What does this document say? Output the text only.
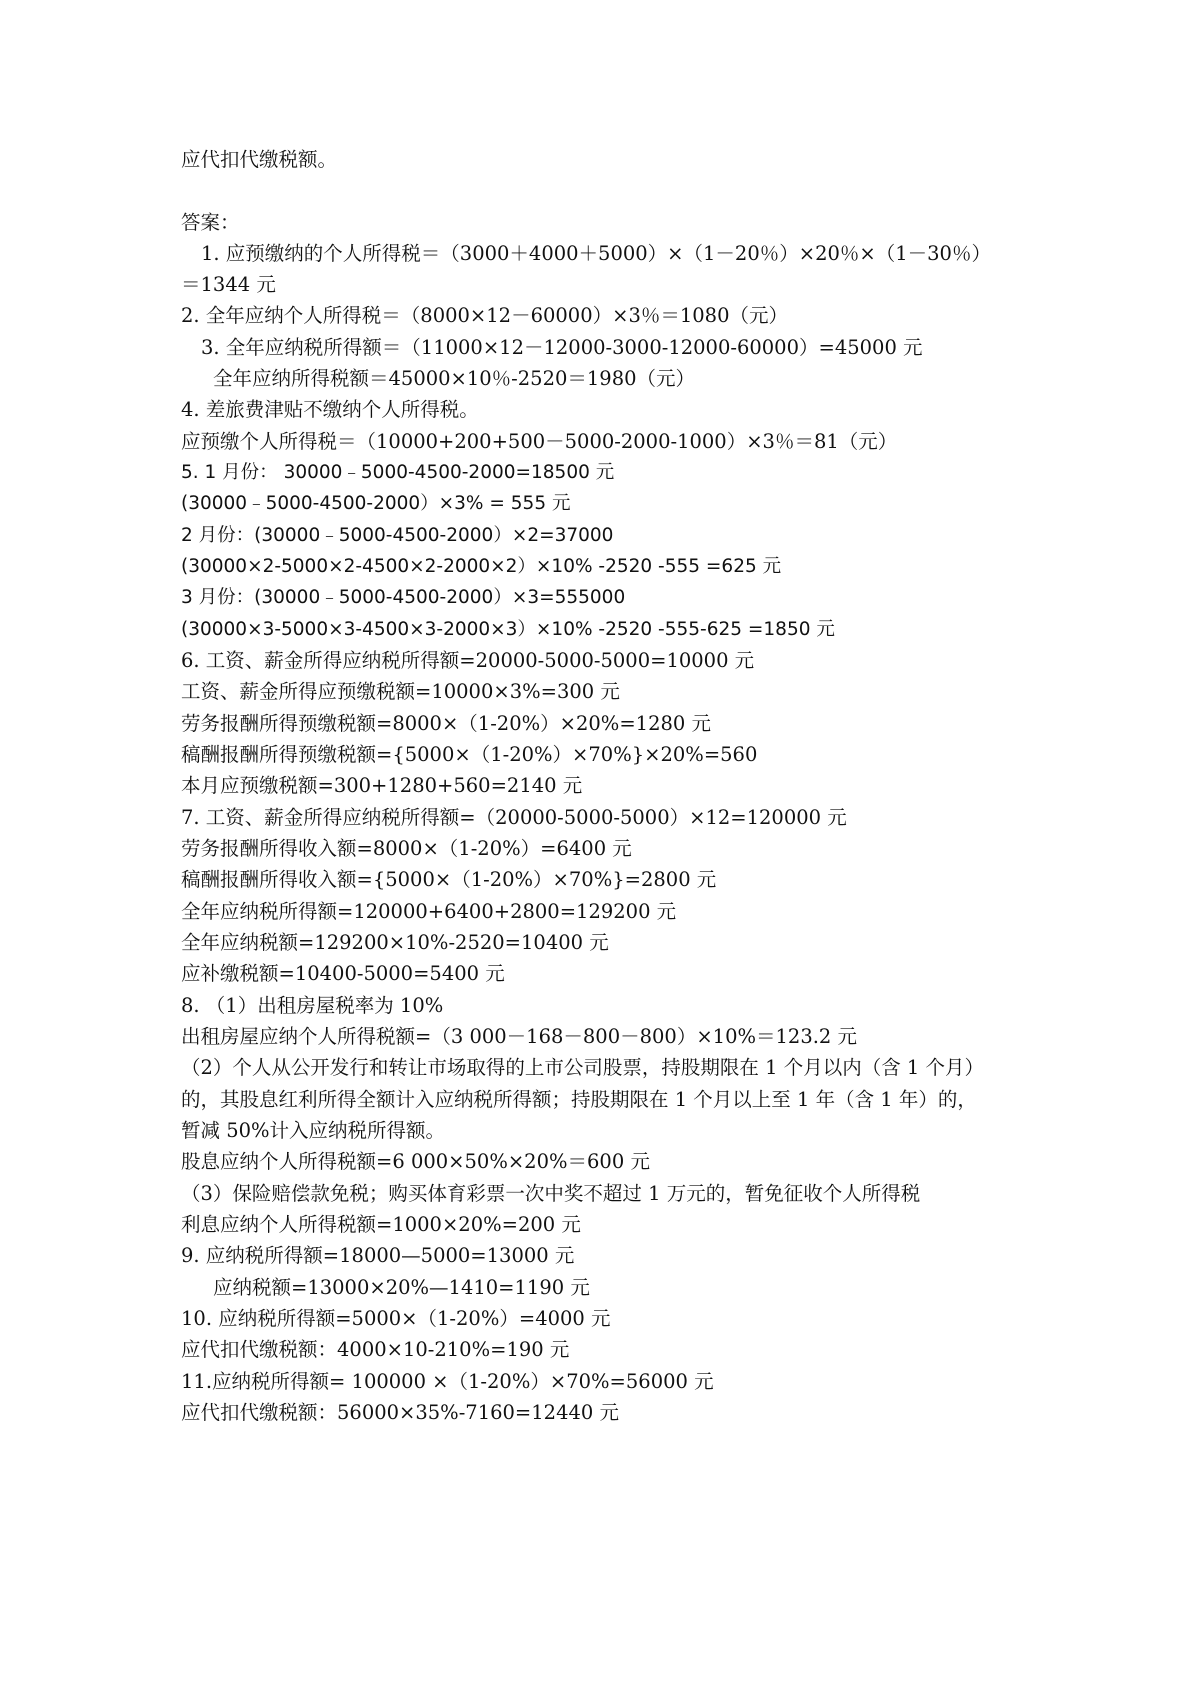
应代扣代缴税额。
答案：
1. 应预缴纳的个人所得税＝（3000＋4000＋5000）×（1－20％）×20％×（1－30％）
＝1344 元
2. 全年应纳个人所得税＝（8000×12－60000）×3％＝1080（元）
3. 全年应纳税所得额＝（11000×12－12000-3000-12000-60000）=45000 元
全年应纳所得税额＝45000×10％-2520＝1980（元）
4. 差旅费津贴不缴纳个人所得税。
应预缴个人所得税＝（10000+200+500－5000-2000-1000）×3％＝81（元）
5. 1 月份： 30000﹣5000-4500-2000=18500 元
(30000﹣5000-4500-2000）×3% = 555 元
2 月份：(30000﹣5000-4500-2000）×2=37000
(30000×2-5000×2-4500×2-2000×2）×10% -2520 -555 =625 元
3 月份：(30000﹣5000-4500-2000）×3=555000
(30000×3-5000×3-4500×3-2000×3）×10% -2520 -555-625 =1850 元
6. 工资、薪金所得应纳税所得额=20000-5000-5000=10000 元
工资、薪金所得应预缴税额=10000×3%=300 元
劳务报酬所得预缴税额=8000×（1-20%）×20%=1280 元
稿酬报酬所得预缴税额={5000×（1-20%）×70%}×20%=560
本月应预缴税额=300+1280+560=2140 元
7. 工资、薪金所得应纳税所得额=（20000-5000-5000）×12=120000 元
劳务报酬所得收入额=8000×（1-20%）=6400 元
稿酬报酬所得收入额={5000×（1-20%）×70%}=2800 元
全年应纳税所得额=120000+6400+2800=129200 元
全年应纳税额=129200×10%-2520=10400 元
应补缴税额=10400-5000=5400 元
8. （1）出租房屋税率为 10%
出租房屋应纳个人所得税额=（3 000－168－800－800）×10%＝123.2 元
（2）个人从公开发行和转让市场取得的上市公司股票，持股期限在 1 个月以内（含 1 个月）
的，其股息红利所得全额计入应纳税所得额；持股期限在 1 个月以上至 1 年（含 1 年）的，
暂减 50%计入应纳税所得额。
股息应纳个人所得税额=6 000×50%×20%＝600 元
（3）保险赔偿款免税；购买体育彩票一次中奖不超过 1 万元的，暂免征收个人所得税
利息应纳个人所得税额=1000×20%=200 元
9. 应纳税所得额=18000—5000=13000 元
应纳税额=13000×20%—1410=1190 元
10. 应纳税所得额=5000×（1-20%）=4000 元
应代扣代缴税额：4000×10-210%=190 元
11.应纳税所得额= 100000 ×（1-20%）×70%=56000 元
应代扣代缴税额：56000×35%-7160=12440 元
